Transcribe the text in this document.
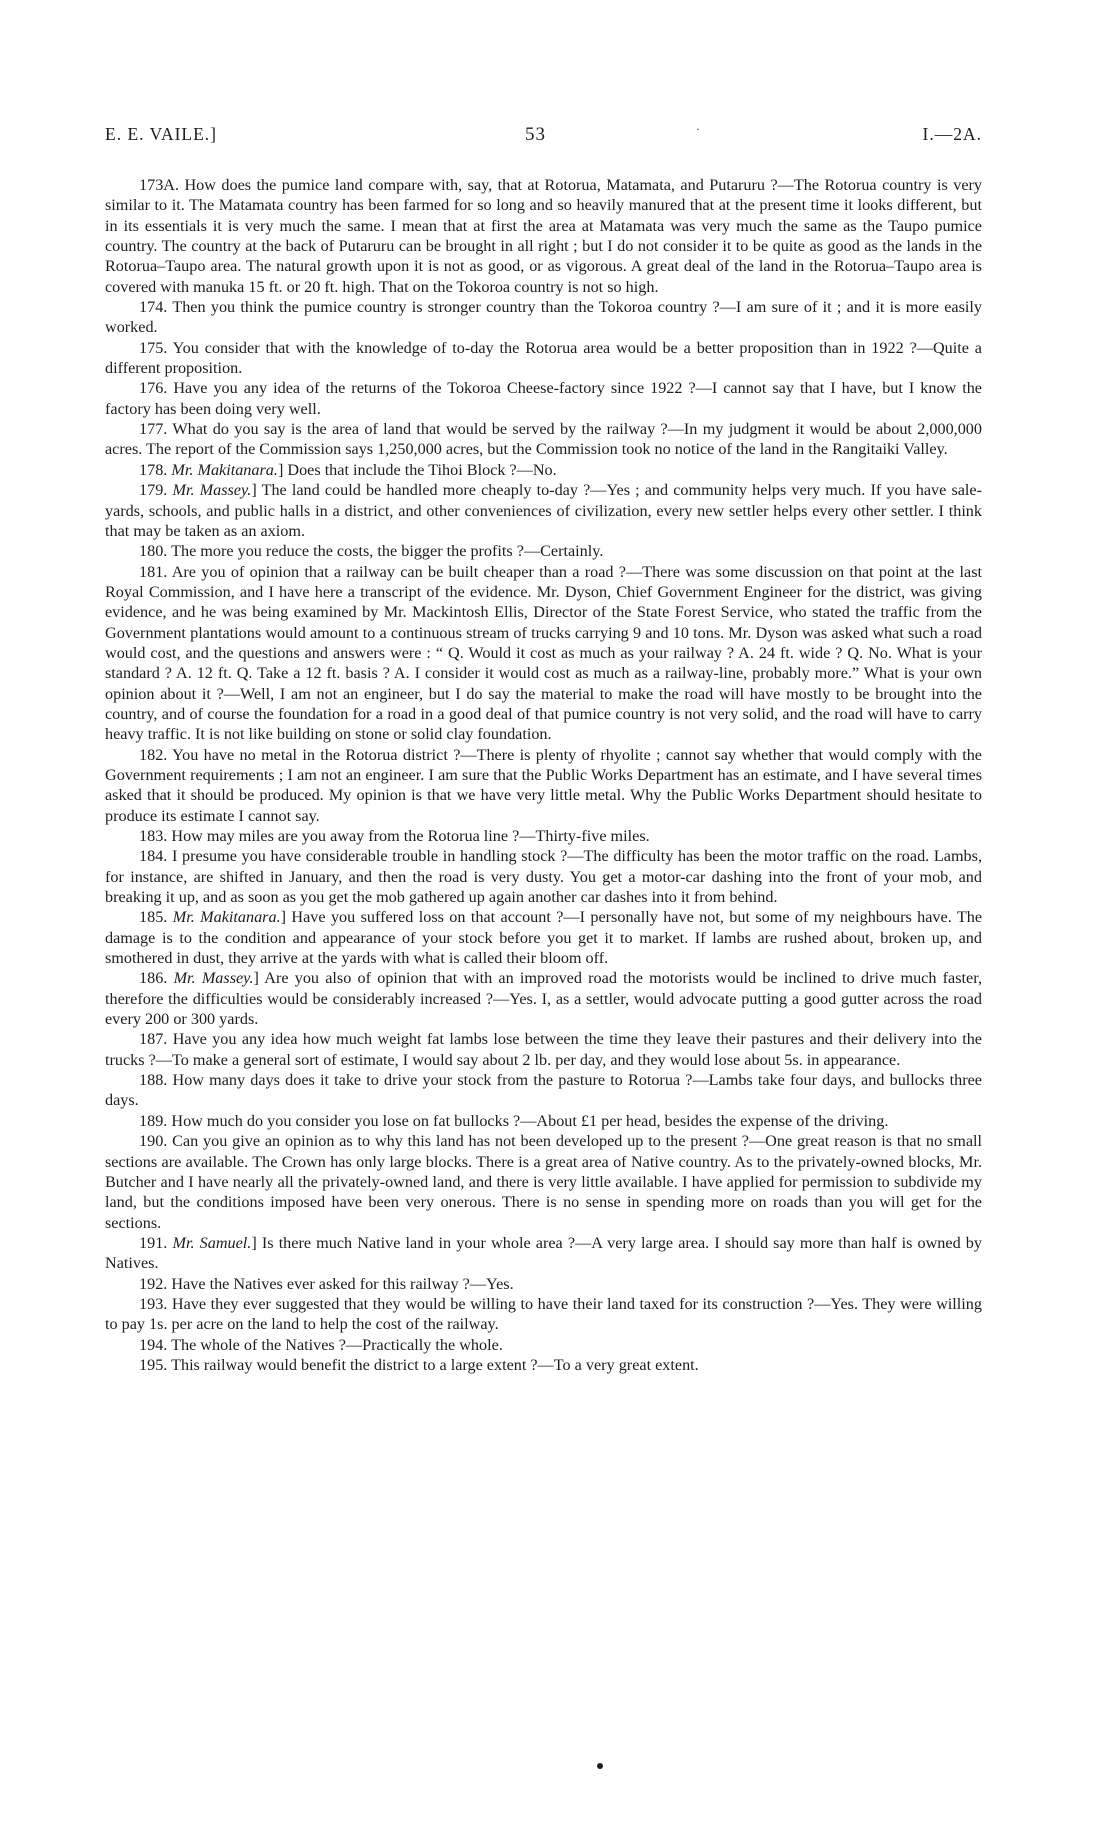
E. E. VAILE.]	53	·	I.—2A.

173A. How does the pumice land compare with, say, that at Rotorua, Matamata, and Putaruru ?—The Rotorua country is very similar to it. The Matamata country has been farmed for so long and so heavily manured that at the present time it looks different, but in its essentials it is very much the same. I mean that at first the area at Matamata was very much the same as the Taupo pumice country. The country at the back of Putaruru can be brought in all right ; but I do not consider it to be quite as good as the lands in the Rotorua–Taupo area. The natural growth upon it is not as good, or as vigorous. A great deal of the land in the Rotorua–Taupo area is covered with manuka 15 ft. or 20 ft. high. That on the Tokoroa country is not so high.

174. Then you think the pumice country is stronger country than the Tokoroa country ?—I am sure of it ; and it is more easily worked.

175. You consider that with the knowledge of to-day the Rotorua area would be a better proposition than in 1922 ?—Quite a different proposition.

176. Have you any idea of the returns of the Tokoroa Cheese-factory since 1922 ?—I cannot say that I have, but I know the factory has been doing very well.

177. What do you say is the area of land that would be served by the railway ?—In my judgment it would be about 2,000,000 acres. The report of the Commission says 1,250,000 acres, but the Commission took no notice of the land in the Rangitaiki Valley.

178. Mr. Makitanara.] Does that include the Tihoi Block ?—No.

179. Mr. Massey.] The land could be handled more cheaply to-day ?—Yes ; and community helps very much. If you have sale-yards, schools, and public halls in a district, and other conveniences of civilization, every new settler helps every other settler. I think that may be taken as an axiom.

180. The more you reduce the costs, the bigger the profits ?—Certainly.

181. Are you of opinion that a railway can be built cheaper than a road ?—There was some discussion on that point at the last Royal Commission, and I have here a transcript of the evidence. Mr. Dyson, Chief Government Engineer for the district, was giving evidence, and he was being examined by Mr. Mackintosh Ellis, Director of the State Forest Service, who stated the traffic from the Government plantations would amount to a continuous stream of trucks carrying 9 and 10 tons. Mr. Dyson was asked what such a road would cost, and the questions and answers were : “ Q. Would it cost as much as your railway ? A. 24 ft. wide ? Q. No. What is your standard ? A. 12 ft. Q. Take a 12 ft. basis ? A. I consider it would cost as much as a railway-line, probably more.” What is your own opinion about it ?—Well, I am not an engineer, but I do say the material to make the road will have mostly to be brought into the country, and of course the foundation for a road in a good deal of that pumice country is not very solid, and the road will have to carry heavy traffic. It is not like building on stone or solid clay foundation.

182. You have no metal in the Rotorua district ?—There is plenty of rhyolite ; cannot say whether that would comply with the Government requirements ; I am not an engineer. I am sure that the Public Works Department has an estimate, and I have several times asked that it should be produced. My opinion is that we have very little metal. Why the Public Works Department should hesitate to produce its estimate I cannot say.

183. How may miles are you away from the Rotorua line ?—Thirty-five miles.

184. I presume you have considerable trouble in handling stock ?—The difficulty has been the motor traffic on the road. Lambs, for instance, are shifted in January, and then the road is very dusty. You get a motor-car dashing into the front of your mob, and breaking it up, and as soon as you get the mob gathered up again another car dashes into it from behind.

185. Mr. Makitanara.] Have you suffered loss on that account ?—I personally have not, but some of my neighbours have. The damage is to the condition and appearance of your stock before you get it to market. If lambs are rushed about, broken up, and smothered in dust, they arrive at the yards with what is called their bloom off.

186. Mr. Massey.] Are you also of opinion that with an improved road the motorists would be inclined to drive much faster, therefore the difficulties would be considerably increased ?—Yes. I, as a settler, would advocate putting a good gutter across the road every 200 or 300 yards.

187. Have you any idea how much weight fat lambs lose between the time they leave their pastures and their delivery into the trucks ?—To make a general sort of estimate, I would say about 2 lb. per day, and they would lose about 5s. in appearance.

188. How many days does it take to drive your stock from the pasture to Rotorua ?—Lambs take four days, and bullocks three days.

189. How much do you consider you lose on fat bullocks ?—About £1 per head, besides the expense of the driving.

190. Can you give an opinion as to why this land has not been developed up to the present ?—One great reason is that no small sections are available. The Crown has only large blocks. There is a great area of Native country. As to the privately-owned blocks, Mr. Butcher and I have nearly all the privately-owned land, and there is very little available. I have applied for permission to subdivide my land, but the conditions imposed have been very onerous. There is no sense in spending more on roads than you will get for the sections.

191. Mr. Samuel.] Is there much Native land in your whole area ?—A very large area. I should say more than half is owned by Natives.

192. Have the Natives ever asked for this railway ?—Yes.

193. Have they ever suggested that they would be willing to have their land taxed for its construction ?—Yes. They were willing to pay 1s. per acre on the land to help the cost of the railway.

194. The whole of the Natives ?—Practically the whole.

195. This railway would benefit the district to a large extent ?—To a very great extent.
